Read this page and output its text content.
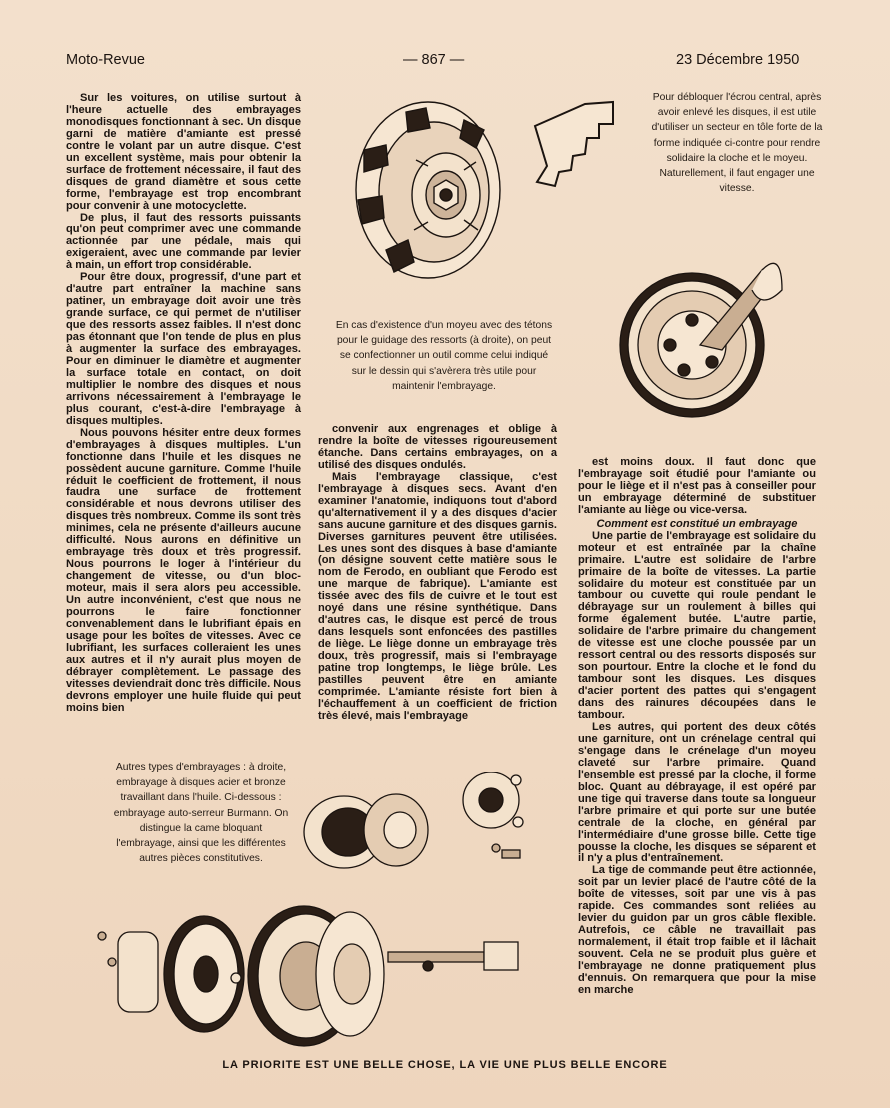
Moto-Revue	— 867 —	23 Décembre 1950

Sur les voitures, on utilise surtout à l'heure actuelle des embrayages monodisques fonctionnant à sec. Un disque garni de matière d'amiante est pressé contre le volant par un autre disque. C'est un excellent système, mais pour obtenir la surface de frottement nécessaire, il faut des disques de grand diamètre et sous cette forme, l'embrayage est trop encombrant pour convenir à une motocyclette.

De plus, il faut des ressorts puissants qu'on peut comprimer avec une commande actionnée par une pédale, mais qui exigeraient, avec une commande par levier à main, un effort trop considérable.

Pour être doux, progressif, d'une part et d'autre part entraîner la machine sans patiner, un embrayage doit avoir une très grande surface, ce qui permet de n'utiliser que des ressorts assez faibles. Il n'est donc pas étonnant que l'on tende de plus en plus à augmenter la surface des embrayages. Pour en diminuer le diamètre et augmenter la surface totale en contact, on doit multiplier le nombre des disques et nous arrivons nécessairement à l'embrayage le plus courant, c'est-à-dire l'embrayage à disques multiples.

Nous pouvons hésiter entre deux formes d'embrayages à disques multiples. L'un fonctionne dans l'huile et les disques ne possèdent aucune garniture. Comme l'huile réduit le coefficient de frottement, il nous faudra une surface de frottement considérable et nous devrons utiliser des disques très nombreux. Comme ils sont très minimes, cela ne présente d'ailleurs aucune difficulté. Nous aurons en définitive un embrayage très doux et très progressif. Nous pourrons le loger à l'intérieur du changement de vitesse, ou d'un bloc-moteur, mais il sera alors peu accessible. Un autre inconvénient, c'est que nous ne pourrons le faire fonctionner convenablement dans le lubrifiant épais en usage pour les boîtes de vitesses. Avec ce lubrifiant, les surfaces colleraient les unes aux autres et il n'y aurait plus moyen de débrayer complètement. Le passage des vitesses deviendrait donc très difficile. Nous devrons employer une huile fluide qui peut moins bien

convenir aux engrenages et oblige à rendre la boîte de vitesses rigoureusement étanche. Dans certains embrayages, on a utilisé des disques ondulés.

Mais l'embrayage classique, c'est l'embrayage à disques secs. Avant d'en examiner l'anatomie, indiquons tout d'abord qu'alternativement il y a des disques d'acier sans aucune garniture et des disques garnis. Diverses garnitures peuvent être utilisées. Les unes sont des disques à base d'amiante (on désigne souvent cette matière sous le nom de Ferodo, en oubliant que Ferodo est une marque de fabrique). L'amiante est tissée avec des fils de cuivre et le tout est noyé dans une résine synthétique. Dans d'autres cas, le disque est percé de trous dans lesquels sont enfoncées des pastilles de liège. Le liège donne un embrayage très doux, très progressif, mais si l'embrayage patine trop longtemps, le liège brûle. Les pastilles peuvent être en amiante comprimée. L'amiante résiste fort bien à l'échauffement à un coefficient de friction très élevé, mais l'embrayage

est moins doux. Il faut donc que l'embrayage soit étudié pour l'amiante ou pour le liège et il n'est pas à conseiller pour un embrayage déterminé de substituer l'amiante au liège ou vice-versa.

Comment est constitué un embrayage

Une partie de l'embrayage est solidaire du moteur et est entraînée par la chaîne primaire. L'autre est solidaire de l'arbre primaire de la boîte de vitesses. La partie solidaire du moteur est constituée par un tambour ou cuvette qui roule pendant le débrayage sur un roulement à billes qui forme également butée. L'autre partie, solidaire de l'arbre primaire du changement de vitesse est une cloche poussée par un ressort central ou des ressorts disposés sur son pourtour. Entre la cloche et le fond du tambour sont les disques. Les disques d'acier portent des pattes qui s'engagent dans des rainures découpées dans le tambour.

Les autres, qui portent des deux côtés une garniture, ont un crénelage central qui s'engage dans le crénelage d'un moyeu claveté sur l'arbre primaire. Quand l'ensemble est pressé par la cloche, il forme bloc. Quant au débrayage, il est opéré par une tige qui traverse dans toute sa longueur l'arbre primaire et qui porte sur une butée centrale de la cloche, en général par l'intermédiaire d'une grosse bille. Cette tige pousse la cloche, les disques se séparent et il n'y a plus d'entraînement.

La tige de commande peut être actionnée, soit par un levier placé de l'autre côté de la boîte de vitesses, soit par une vis à pas rapide. Ces commandes sont reliées au levier du guidon par un gros câble flexible. Autrefois, ce câble ne travaillait pas normalement, il était trop faible et il lâchait souvent. Cela ne se produit plus guère et l'embrayage ne donne pratiquement plus d'ennuis. On remarquera que pour la mise en marche

Pour débloquer l'écrou central, après avoir enlevé les disques, il est utile d'utiliser un secteur en tôle forte de la forme indiquée ci-contre pour rendre solidaire la cloche et le moyeu. Naturellement, il faut engager une vitesse.
En cas d'existence d'un moyeu avec des tétons pour le guidage des ressorts (à droite), on peut se confectionner un outil comme celui indiqué sur le dessin qui s'avèrera très utile pour maintenir l'embrayage.
Autres types d'embrayages : à droite, embrayage à disques acier et bronze travaillant dans l'huile. Ci-dessous : embrayage auto-serreur Burmann. On distingue la came bloquant l'embrayage, ainsi que les différentes autres pièces constitutives.
LA PRIORITE EST UNE BELLE CHOSE, LA VIE UNE PLUS BELLE ENCORE
